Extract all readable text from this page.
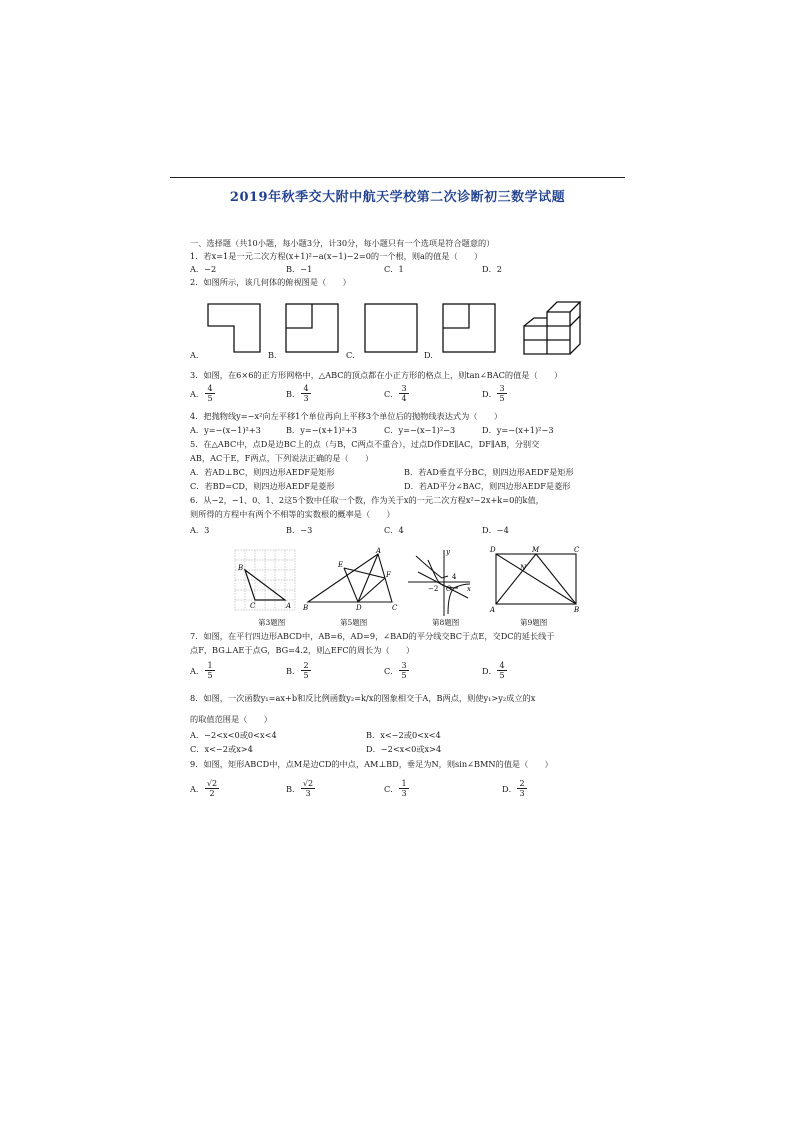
2019年秋季交大附中航天学校第二次诊断初三数学试题
一、选择题（共10小题，每小题3分，计30分，每小题只有一个选项是符合题意的）
1．若x=1是一元二次方程(x+1)²−a(x−1)−2=0的一个根，则a的值是（　　）
A．−2	B．−1	C．1	D．2
2．如图所示，该几何体的俯视图是（　　）
A.	B.	C.	D.
3．如图，在6×6的正方形网格中，△ABC的顶点都在小正方形的格点上，则tan∠BAC的值是（　　）
A． $\frac{4}{5}$	B． $\frac{4}{3}$	C． $\frac{3}{4}$	D． $\frac{3}{5}$
4．把抛物线y=−x²向左平移1个单位再向上平移3个单位后的抛物线表达式为（　　）
A．y=−(x−1)²+3	B．y=−(x+1)²+3	C．y=−(x−1)²−3	D．y=−(x+1)²−3
5．在△ABC中，点D是边BC上的点（与B，C两点不重合），过点D作DE∥AC，DF∥AB，分别交
AB，AC于E，F两点，下列说法正确的是（　　）
A．若AD⊥BC，则四边形AEDF是矩形	B．若AD垂直平分BC，则四边形AEDF是矩形
C．若BD=CD，则四边形AEDF是菱形	D．若AD平分∠BAC，则四边形AEDF是菱形
6．从−2，−1、0、1、2这5个数中任取一个数，作为关于x的一元二次方程x²−2x+k=0的k值，
则所得的方程中有两个不相等的实数根的概率是（　　）
A．3	B．−3	C．4	D．−4
B
C	A
A
E
F
B	D	C
y
x
−2 O
4
D	M	C
N
A	B
第3题图	第5题图	第8题图	第9题图
7．如图，在平行四边形ABCD中，AB=6，AD=9，∠BAD的平分线交BC于点E，交DC的延长线于
点F，BG⊥AE于点G，BG=4.2，则△EFC的周长为（　　）
A． $\frac{1}{5}$	B． $\frac{2}{5}$	C． $\frac{3}{5}$	D． $\frac{4}{5}$
8．如图，一次函数y₁=ax+b和反比例函数y₂=k/x的图象相交于A，B两点，则使y₁>y₂成立的x
的取值范围是（　　）
A．−2<x<0或0<x<4	B．x<−2或0<x<4
C．x<−2或x>4	D．−2<x<0或x>4
9．如图，矩形ABCD中，点M是边CD的中点，AM⊥BD，垂足为N，则sin∠BMN的值是（　　）
A． $\frac{√2}{2}$	B． $\frac{√2}{3}$	C． $\frac{1}{3}$	D． $\frac{2}{3}$
